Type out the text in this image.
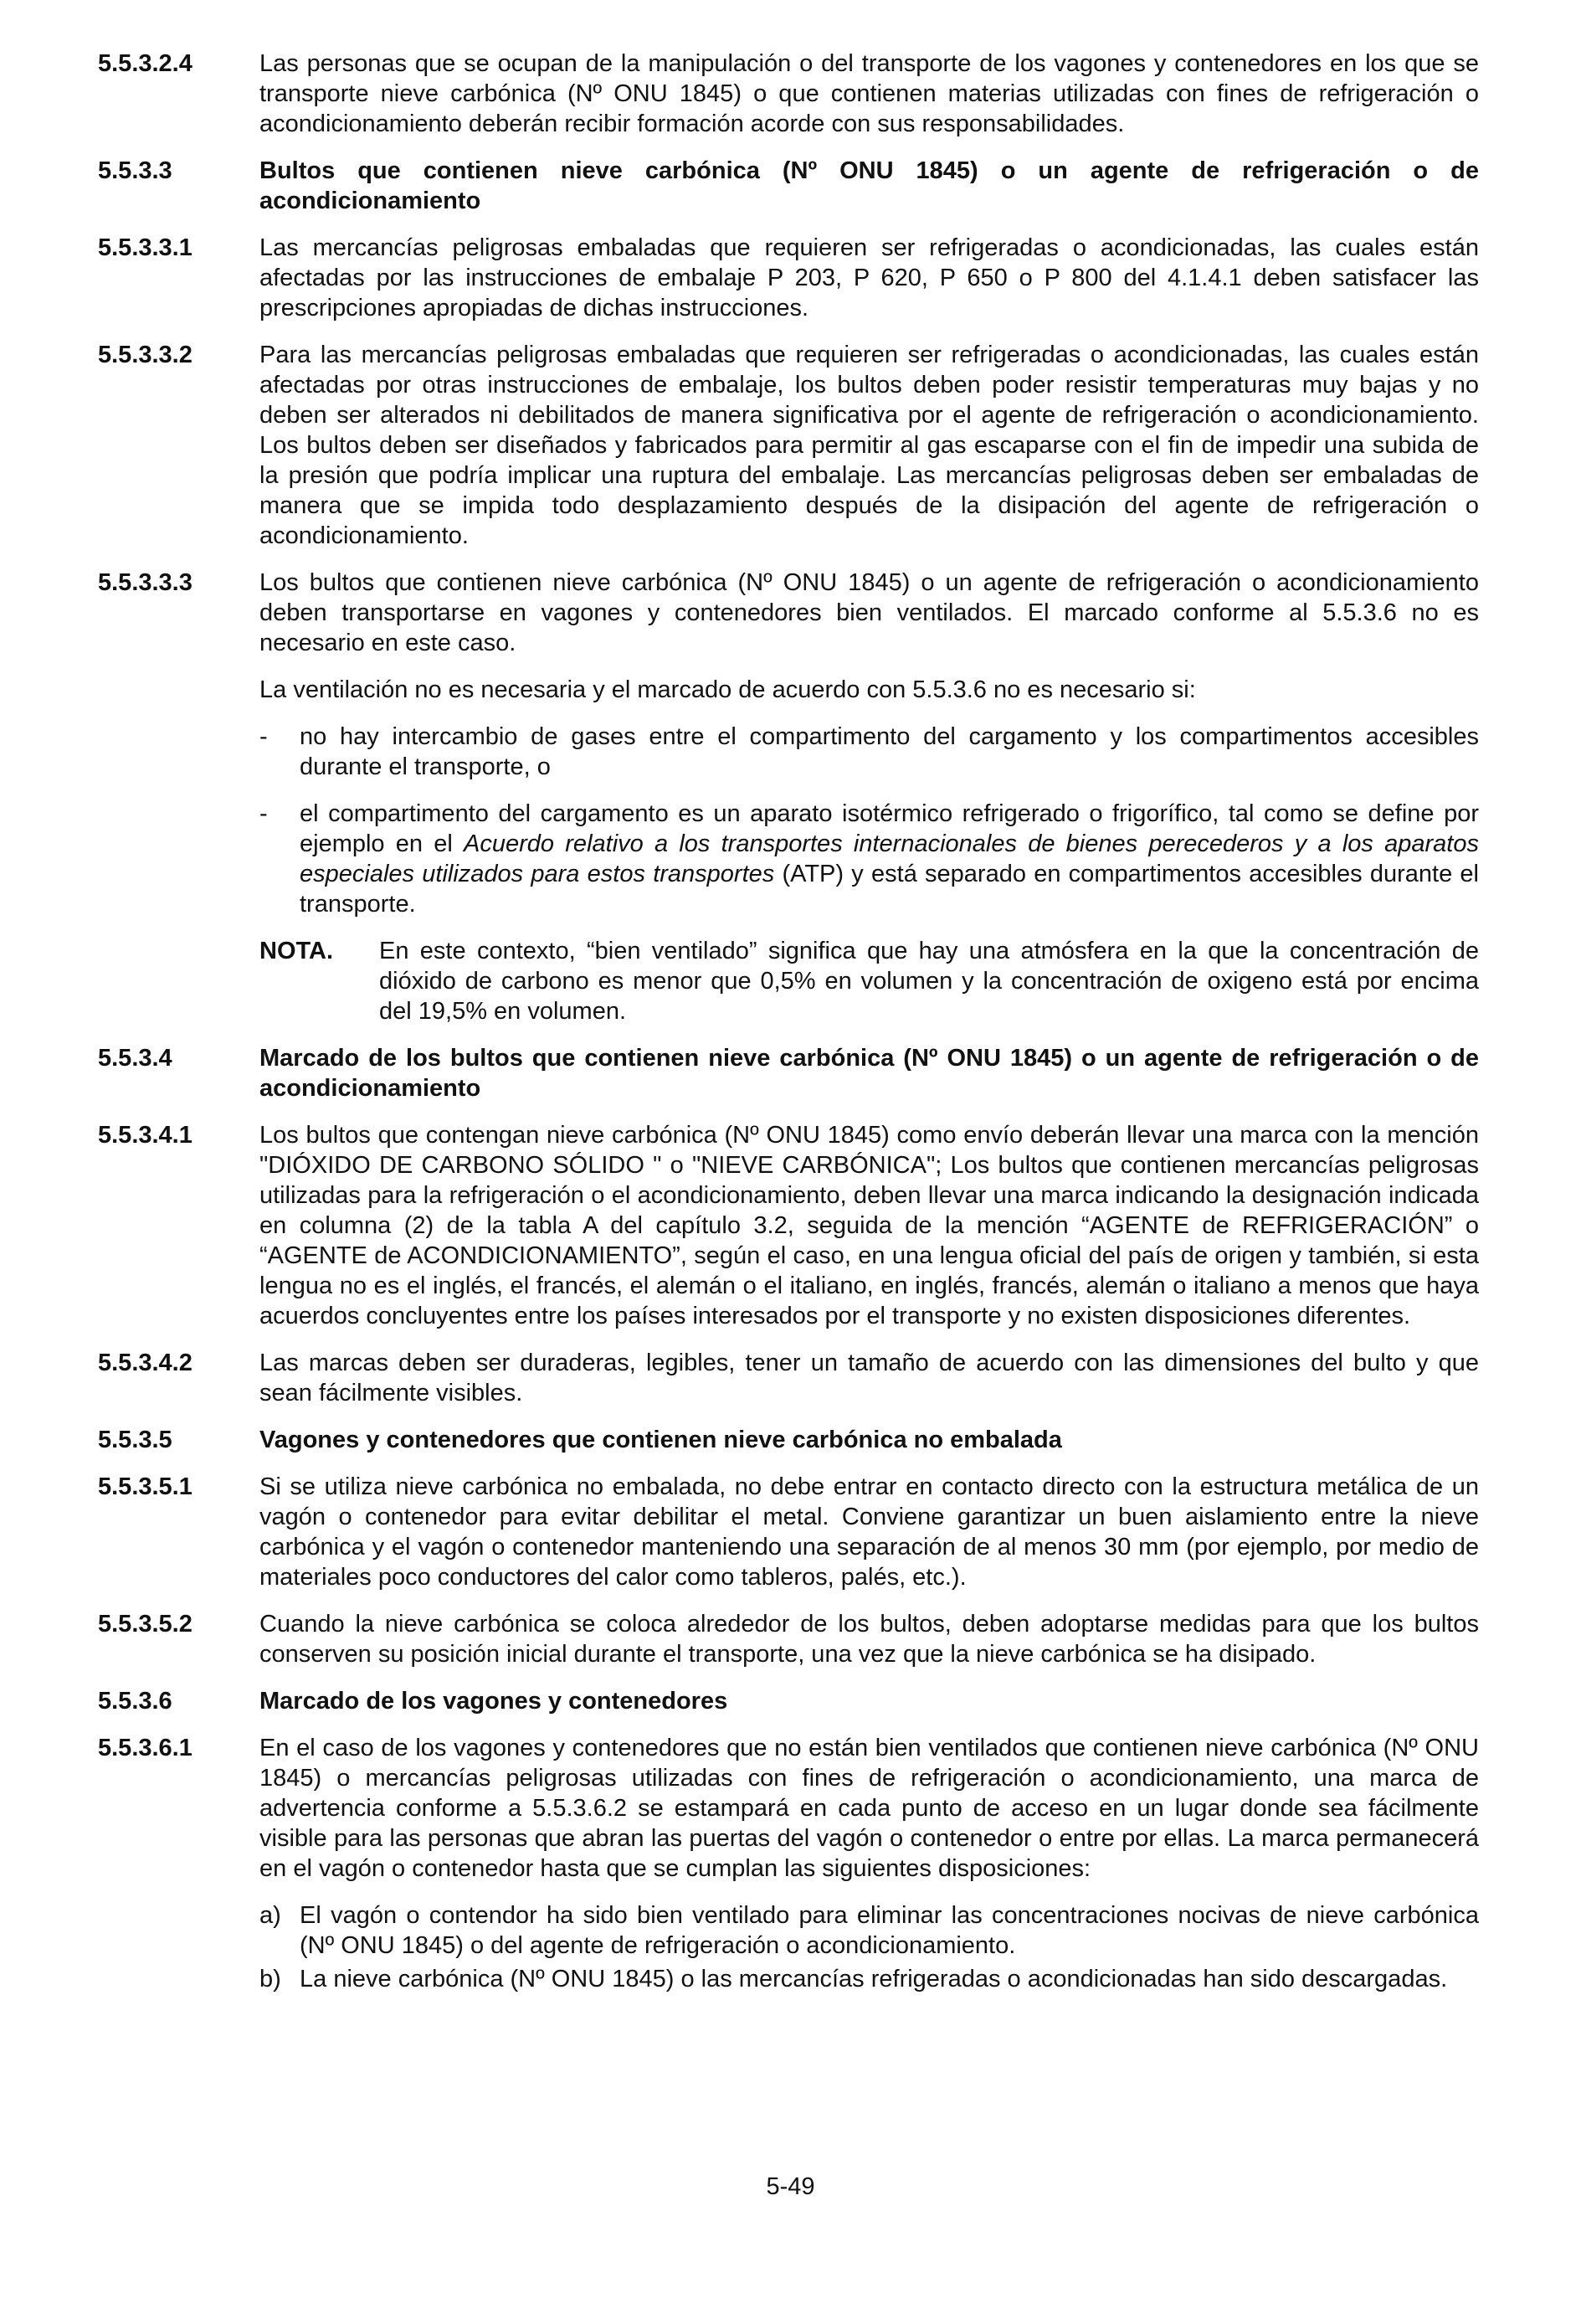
5.5.3.2.4	Las personas que se ocupan de la manipulación o del transporte de los vagones y contenedores en los que se transporte nieve carbónica (Nº ONU 1845) o que contienen materias utilizadas con fines de refrigeración o acondicionamiento deberán recibir formación acorde con sus responsabilidades.

5.5.3.3	Bultos que contienen nieve carbónica (Nº ONU 1845) o un agente de refrigeración o de acondicionamiento

5.5.3.3.1	Las mercancías peligrosas embaladas que requieren ser refrigeradas o acondicionadas, las cuales están afectadas por las instrucciones de embalaje P 203, P 620, P 650 o P 800 del 4.1.4.1 deben satisfacer las prescripciones apropiadas de dichas instrucciones.

5.5.3.3.2	Para las mercancías peligrosas embaladas que requieren ser refrigeradas o acondicionadas, las cuales están afectadas por otras instrucciones de embalaje, los bultos deben poder resistir temperaturas muy bajas y no deben ser alterados ni debilitados de manera significativa por el agente de refrigeración o acondicionamiento. Los bultos deben ser diseñados y fabricados para permitir al gas escaparse con el fin de impedir una subida de la presión que podría implicar una ruptura del embalaje. Las mercancías peligrosas deben ser embaladas de manera que se impida todo desplazamiento después de la disipación del agente de refrigeración o acondicionamiento.

5.5.3.3.3	Los bultos que contienen nieve carbónica (Nº ONU 1845) o un agente de refrigeración o acondicionamiento deben transportarse en vagones y contenedores bien ventilados. El marcado conforme al 5.5.3.6 no es necesario en este caso.

La ventilación no es necesaria y el marcado de acuerdo con 5.5.3.6 no es necesario si:

-	no hay intercambio de gases entre el compartimento del cargamento y los compartimentos accesibles durante el transporte, o
-	el compartimento del cargamento es un aparato isotérmico refrigerado o frigorífico, tal como se define por ejemplo en el Acuerdo relativo a los transportes internacionales de bienes perecederos y a los aparatos especiales utilizados para estos transportes (ATP) y está separado en compartimentos accesibles durante el transporte.
NOTA.	En este contexto, “bien ventilado” significa que hay una atmósfera en la que la concentración de dióxido de carbono es menor que 0,5% en volumen y la concentración de oxigeno está por encima del 19,5% en volumen.
5.5.3.4	Marcado de los bultos que contienen nieve carbónica (Nº ONU 1845) o un agente de refrigeración o de acondicionamiento

5.5.3.4.1	Los bultos que contengan nieve carbónica (Nº ONU 1845) como envío deberán llevar una marca con la mención "DIÓXIDO DE CARBONO SÓLIDO " o "NIEVE CARBÓNICA"; Los bultos que contienen mercancías peligrosas utilizadas para la refrigeración o el acondicionamiento, deben llevar una marca indicando la designación indicada en columna (2) de la tabla A del capítulo 3.2, seguida de la mención “AGENTE de REFRIGERACIÓN” o “AGENTE de ACONDICIONAMIENTO”, según el caso, en una lengua oficial del país de origen y también, si esta lengua no es el inglés, el francés, el alemán o el italiano, en inglés, francés, alemán o italiano a menos que haya acuerdos concluyentes entre los países interesados por el transporte y no existen disposiciones diferentes.

5.5.3.4.2	Las marcas deben ser duraderas, legibles, tener un tamaño de acuerdo con las dimensiones del bulto y que sean fácilmente visibles.

5.5.3.5	Vagones y contenedores que contienen nieve carbónica no embalada

5.5.3.5.1	Si se utiliza nieve carbónica no embalada, no debe entrar en contacto directo con la estructura metálica de un vagón o contenedor para evitar debilitar el metal. Conviene garantizar un buen aislamiento entre la nieve carbónica y el vagón o contenedor manteniendo una separación de al menos 30 mm (por ejemplo, por medio de materiales poco conductores del calor como tableros, palés, etc.).

5.5.3.5.2	Cuando la nieve carbónica se coloca alrededor de los bultos, deben adoptarse medidas para que los bultos conserven su posición inicial durante el transporte, una vez que la nieve carbónica se ha disipado.

5.5.3.6	Marcado de los vagones y contenedores

5.5.3.6.1	En el caso de los vagones y contenedores que no están bien ventilados que contienen nieve carbónica (Nº ONU 1845) o mercancías peligrosas utilizadas con fines de refrigeración o acondicionamiento, una marca de advertencia conforme a 5.5.3.6.2 se estampará en cada punto de acceso en un lugar donde sea fácilmente visible para las personas que abran las puertas del vagón o contenedor o entre por ellas. La marca permanecerá en el vagón o contenedor hasta que se cumplan las siguientes disposiciones:

a) El vagón o contendor ha sido bien ventilado para eliminar las concentraciones nocivas de nieve carbónica (Nº ONU 1845) o del agente de refrigeración o acondicionamiento.
b) La nieve carbónica (Nº ONU 1845) o las mercancías refrigeradas o acondicionadas han sido descargadas.
5-49
